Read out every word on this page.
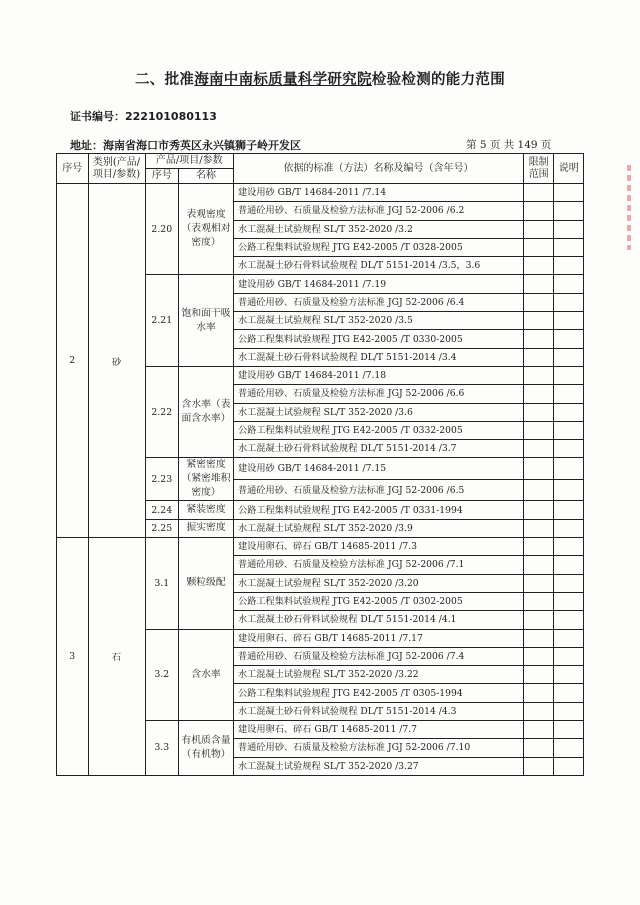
二、批准海南中南标质量科学研究院检验检测的能力范围
证书编号：222101080113
地址：海南省海口市秀英区永兴镇狮子岭开发区	第 5 页 共 149 页
序号	类别(产品/项目/参数)	产品/项目/参数		依据的标准（方法）名称及编号（含年号）	限制范围	说明
		序号	名称			
2	砂	2.20	表观密度（表观相对密度）	建设用砂 GB/T 14684-2011 /7.14		
				普通砼用砂、石质量及检验方法标准 JGJ 52-2006 /6.2		
				水工混凝土试验规程 SL/T 352-2020 /3.2		
				公路工程集料试验规程 JTG E42-2005 /T 0328-2005		
				水工混凝土砂石骨料试验规程 DL/T 5151-2014 /3.5，3.6		
		2.21	饱和面干吸水率	建设用砂 GB/T 14684-2011 /7.19		
				普通砼用砂、石质量及检验方法标准 JGJ 52-2006 /6.4		
				水工混凝土试验规程 SL/T 352-2020 /3.5		
				公路工程集料试验规程 JTG E42-2005 /T 0330-2005		
				水工混凝土砂石骨料试验规程 DL/T 5151-2014 /3.4		
		2.22	含水率（表面含水率）	建设用砂 GB/T 14684-2011 /7.18		
				普通砼用砂、石质量及检验方法标准 JGJ 52-2006 /6.6		
				水工混凝土试验规程 SL/T 352-2020 /3.6		
				公路工程集料试验规程 JTG E42-2005 /T 0332-2005		
				水工混凝土砂石骨料试验规程 DL/T 5151-2014 /3.7		
		2.23	紧密密度（紧密堆积密度）	建设用砂 GB/T 14684-2011 /7.15		
				普通砼用砂、石质量及检验方法标准 JGJ 52-2006 /6.5		
		2.24	紧装密度	公路工程集料试验规程 JTG E42-2005 /T 0331-1994		
		2.25	振实密度	水工混凝土试验规程 SL/T 352-2020 /3.9		
3	石	3.1	颗粒级配	建设用卵石、碎石 GB/T 14685-2011 /7.3		
				普通砼用砂、石质量及检验方法标准 JGJ 52-2006 /7.1		
				水工混凝土试验规程 SL/T 352-2020 /3.20		
				公路工程集料试验规程 JTG E42-2005 /T 0302-2005		
				水工混凝土砂石骨料试验规程 DL/T 5151-2014 /4.1		
		3.2	含水率	建设用卵石、碎石 GB/T 14685-2011 /7.17		
				普通砼用砂、石质量及检验方法标准 JGJ 52-2006 /7.4		
				水工混凝土试验规程 SL/T 352-2020 /3.22		
				公路工程集料试验规程 JTG E42-2005 /T 0305-1994		
				水工混凝土砂石骨料试验规程 DL/T 5151-2014 /4.3		
		3.3	有机质含量（有机物）	建设用卵石、碎石 GB/T 14685-2011 /7.7		
				普通砼用砂、石质量及检验方法标准 JGJ 52-2006 /7.10		
				水工混凝土试验规程 SL/T 352-2020 /3.27		
